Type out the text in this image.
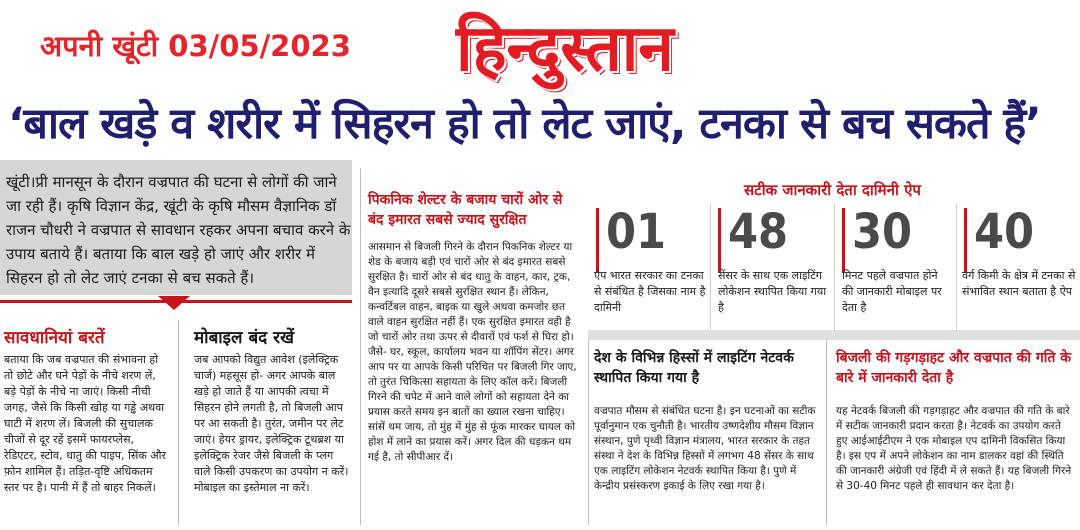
अपनी खूंटी 03/05/2023 हिन्दुस्तान
‘बाल खड़े व शरीर में सिहरन हो तो लेट जाएं, टनका से बच सकते हैं’
खूंटी।प्री मानसून के दौरान वज्रपात की घटना से लोगों की जाने जा रही हैं। कृषि विज्ञान केंद्र, खूंटी के कृषि मौसम वैज्ञानिक डॉ राजन चौधरी ने वज्रपात से सावधान रहकर अपना बचाव करने के उपाय बताये हैं। बताया कि बाल खड़े हो जाएं और शरीर में सिहरन हो तो लेट जाएं टनका से बच सकते हैं।
सावधानियां बरतें
बताया कि जब वज्रपात की संभावना हो तो छोटे और घने पेड़ों के नीचे शरण लें, बड़े पेड़ों के नीचे ना जाएं। किसी नीची जगह, जैसे कि किसी खोह या गड्ढे अथवा घाटी में शरण लें। बिजली की सुचालक चीजों से दूर रहें इसमें फायरप्लेस, रेडिएटर, स्टोव, धातु की पाइप, सिंक और फ़ोन शामिल हैं। तड़ित-वृष्टि अधिकतम स्तर पर है। पानी में हैं तो बाहर निकलें।
मोबाइल बंद रखें
जब आपको विद्युत आवेश (इलेक्ट्रिक चार्ज) महसूस हो- अगर आपके बाल खड़े हो जाते हैं या आपकी त्वचा में सिहरन होने लगती है, तो बिजली आप पर आ सकती है। तुरंत, जमीन पर लेट जाएं। हेयर ड्रायर, इलेक्ट्रिक टूथब्रश या इलेक्ट्रिक रेजर जैसे बिजली के प्लग वाले किसी उपकरण का उपयोग न करें। मोबाइल का इस्तेमाल ना करें।
पिकनिक शेल्टर के बजाय चारों ओर से बंद इमारत सबसे ज्याद सुरक्षित
आसमान से बिजली गिरने के दौरान पिकनिक शेल्टर या शेड के बजाय बड़ी एवं चारों ओर से बंद इमारत सबसे सुरक्षित है। चारों ओर से बंद धातु के वाहन, कार, ट्रक, वैन इत्यादि दूसरे सबसे सुरक्षित स्थान हैं। लेकिन, कन्वर्टिबल वाहन, बाइक या खुले अथवा कमजोर छत वाले वाहन सुरक्षित नहीं हैं। एक सुरक्षित इमारत वही है जो चारों ओर तथा ऊपर से दीवारों एवं फर्श से घिरा हो। जैसे- घर, स्कूल, कार्यालय भवन या शॉपिंग सेंटर। अगर आप पर या आपके किसी परिचित पर बिजली गिर जाए, तो तुरंत चिकित्सा सहायता के लिए कॉल करें। बिजली गिरने की चपेट में आने वाले लोगों को सहायता देने का प्रयास करते समय इन बातों का ख्याल रखना चाहिए। सांसें थम जाय, तो मुंह में मुंह से फूंक मारकर घायल को होश में लाने का प्रयास करें। अगर दिल की धड़कन थम गई है, तो सीपीआर दें।
सटीक जानकारी देता दामिनी ऐप
01
ऐप भारत सरकार का टनका से संबंधित है जिसका नाम है दामिनी
48
सेंसर के साथ एक लाइटिंग लोकेशन स्थापित किया गया है
30
मिनट पहले वज्रपात होने की जानकारी मोबाइल पर देता है
40
वर्ग किमी के क्षेत्र में टनका से संभावित स्थान बताता है ऐप
देश के विभिन्न हिस्सों में लाइटिंग नेटवर्क स्थापित किया गया है
वज्रपात मौसम से संबंधित घटना है। इन घटनाओं का सटीक पूर्वानुमान एक चुनौती है। भारतीय उष्णदेशीय मौसम विज्ञान संस्थान, पुणे पृथ्वी विज्ञान मंत्रालय, भारत सरकार के तहत संस्था ने देश के विभिन्न हिस्सों में लगभग 48 सेंसर के साथ एक लाइटिंग लोकेशन नेटवर्क स्थापित किया है। पुणे में केन्द्रीय प्रसंस्करण इकाई के लिए रखा गया है।
बिजली की गड़गड़ाहट और वज्रपात की गति के बारे में जानकारी देता है
यह नेटवर्क बिजली की गड़गड़ाहट और वज्रपात की गति के बारे में सटीक जानकारी प्रदान करता है। नेटवर्क का उपयोग करते हुए आईआईटीएम ने एक मोबाइल एप दामिनी विकसित किया है। इस एप में अपने लोकेशन का नाम डालकर वहां की स्थिति की जानकारी अंग्रेजी एवं हिंदी में ले सकते हैं। यह बिजली गिरने से 30-40 मिनट पहले ही सावधान कर देता है।
